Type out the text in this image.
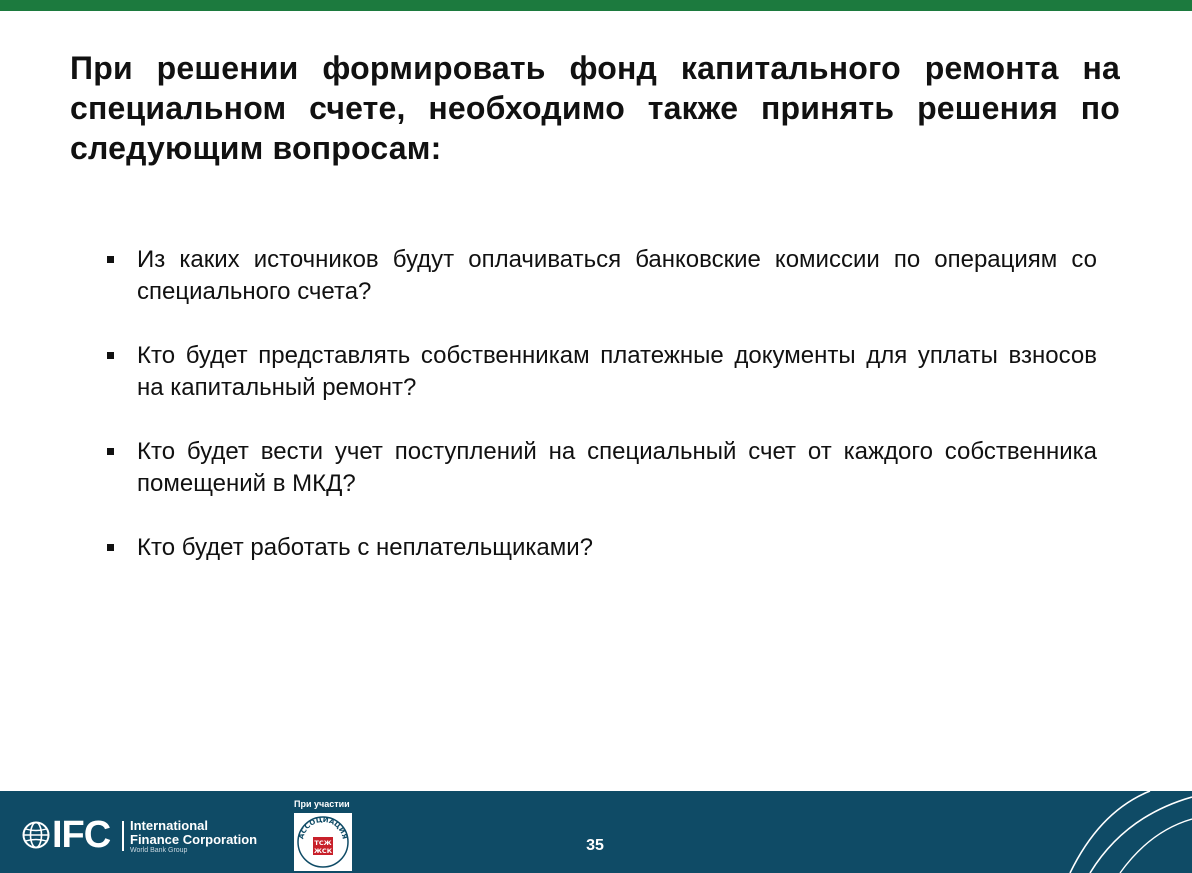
При решении формировать фонд капитального ремонта на специальном счете, необходимо также принять решения по следующим вопросам:
Из каких источников будут оплачиваться банковские комиссии по операциям со специального счета?
Кто будет представлять собственникам платежные документы для уплаты взносов на капитальный ремонт?
Кто будет вести учет поступлений на специальный счет от каждого собственника помещений в МКД?
Кто будет работать с неплательщиками?
IFC International
Finance Corporation
World Bank Group
При участии
АССОЦИАЦИЯ
ТСЖ
ЖСК	35
